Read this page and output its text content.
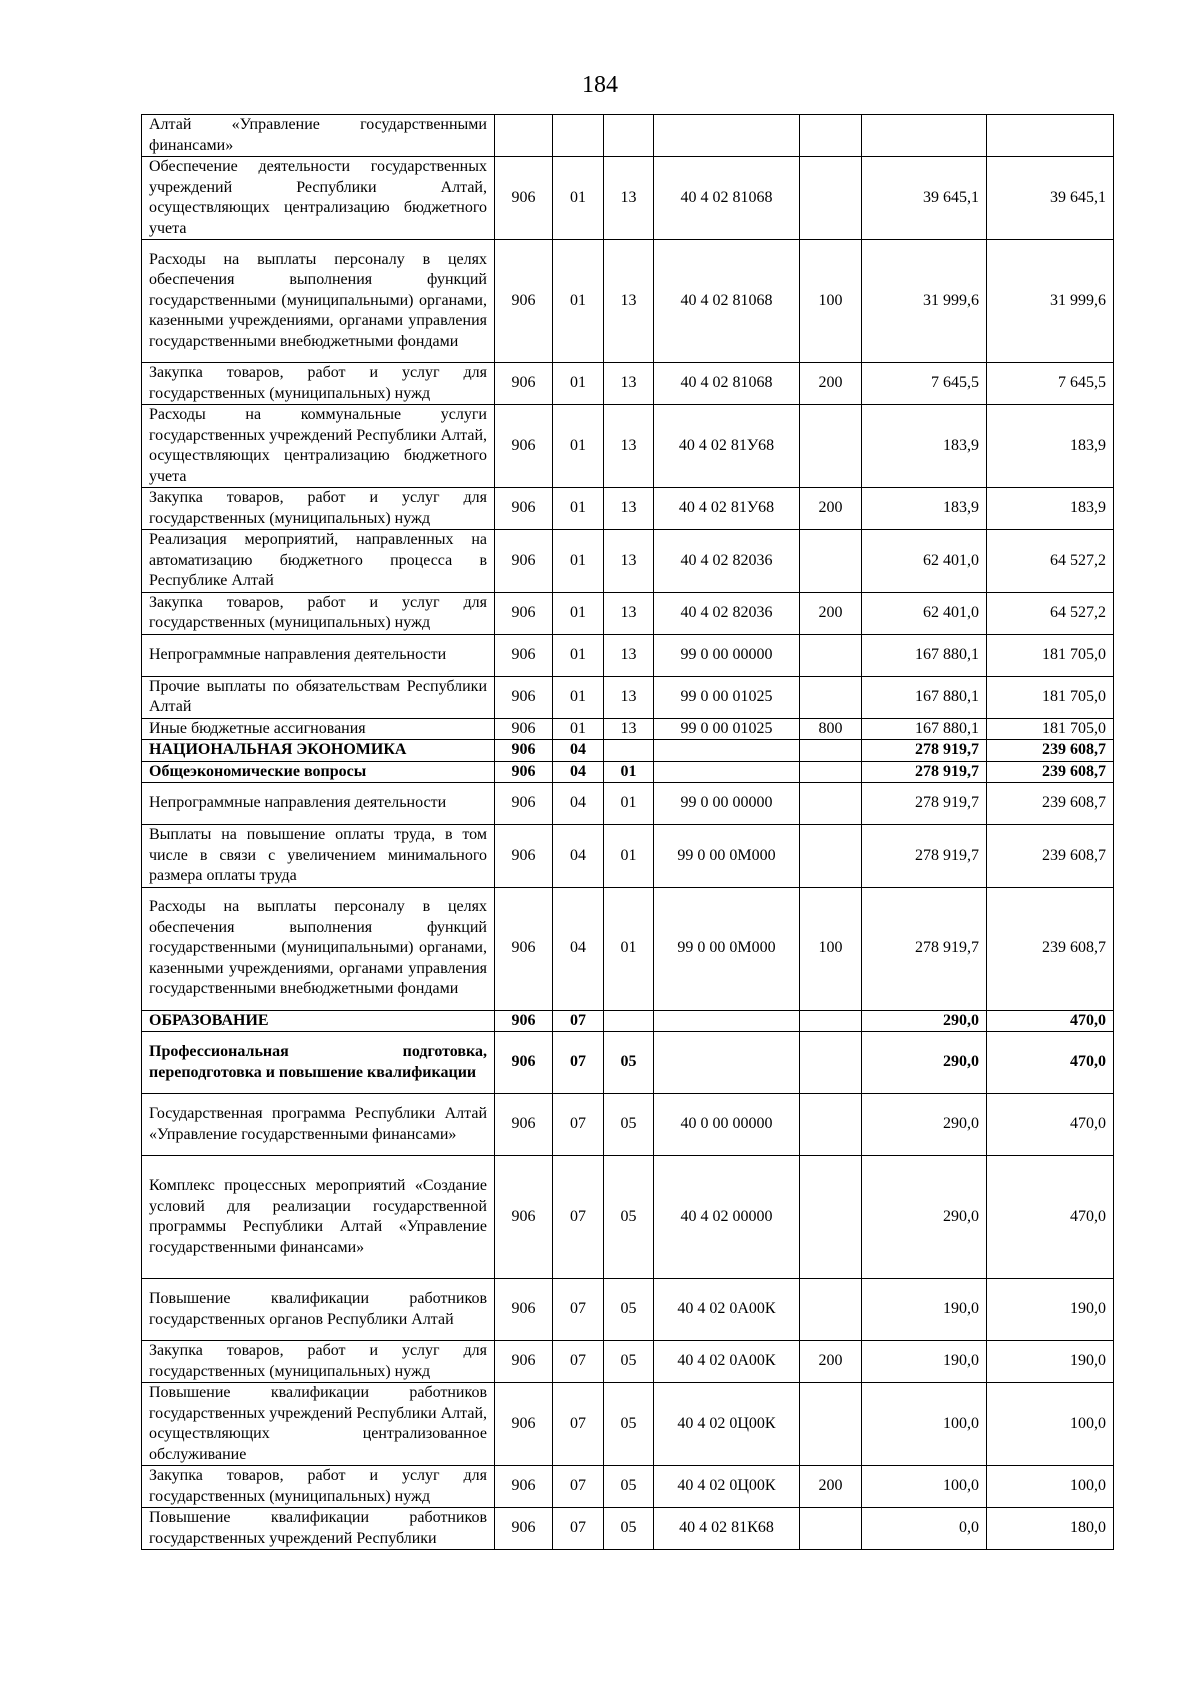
184
Алтай «Управление государственными финансами»							
Обеспечение деятельности государственных учреждений Республики Алтай, осуществляющих централизацию бюджетного учета	906	01	13	40 4 02 81068		39 645,1	39 645,1
Расходы на выплаты персоналу в целях обеспечения выполнения функций государственными (муниципальными) органами, казенными учреждениями, органами управления государственными внебюджетными фондами	906	01	13	40 4 02 81068	100	31 999,6	31 999,6
Закупка товаров, работ и услуг для государственных (муниципальных) нужд	906	01	13	40 4 02 81068	200	7 645,5	7 645,5
Расходы на коммунальные услуги государственных учреждений Республики Алтай, осуществляющих централизацию бюджетного учета	906	01	13	40 4 02 81У68		183,9	183,9
Закупка товаров, работ и услуг для государственных (муниципальных) нужд	906	01	13	40 4 02 81У68	200	183,9	183,9
Реализация мероприятий, направленных на автоматизацию бюджетного процесса в Республике Алтай	906	01	13	40 4 02 82036		62 401,0	64 527,2
Закупка товаров, работ и услуг для государственных (муниципальных) нужд	906	01	13	40 4 02 82036	200	62 401,0	64 527,2
Непрограммные направления деятельности	906	01	13	99 0 00 00000		167 880,1	181 705,0
Прочие выплаты по обязательствам Республики Алтай	906	01	13	99 0 00 01025		167 880,1	181 705,0
Иные бюджетные ассигнования	906	01	13	99 0 00 01025	800	167 880,1	181 705,0
НАЦИОНАЛЬНАЯ ЭКОНОМИКА	906	04				278 919,7	239 608,7
Общеэкономические вопросы	906	04	01			278 919,7	239 608,7
Непрограммные направления деятельности	906	04	01	99 0 00 00000		278 919,7	239 608,7
Выплаты на повышение оплаты труда, в том числе в связи с увеличением минимального размера оплаты труда	906	04	01	99 0 00 0М000		278 919,7	239 608,7
Расходы на выплаты персоналу в целях обеспечения выполнения функций государственными (муниципальными) органами, казенными учреждениями, органами управления государственными внебюджетными фондами	906	04	01	99 0 00 0М000	100	278 919,7	239 608,7
ОБРАЗОВАНИЕ	906	07				290,0	470,0
Профессиональная подготовка, переподготовка и повышение квалификации	906	07	05			290,0	470,0
Государственная программа Республики Алтай «Управление государственными финансами»	906	07	05	40 0 00 00000		290,0	470,0
Комплекс процессных мероприятий «Создание условий для реализации государственной программы Республики Алтай «Управление государственными финансами»	906	07	05	40 4 02 00000		290,0	470,0
Повышение квалификации работников государственных органов Республики Алтай	906	07	05	40 4 02 0А00К		190,0	190,0
Закупка товаров, работ и услуг для государственных (муниципальных) нужд	906	07	05	40 4 02 0А00К	200	190,0	190,0
Повышение квалификации работников государственных учреждений Республики Алтай, осуществляющих централизованное обслуживание	906	07	05	40 4 02 0Ц00К		100,0	100,0
Закупка товаров, работ и услуг для государственных (муниципальных) нужд	906	07	05	40 4 02 0Ц00К	200	100,0	100,0
Повышение квалификации работников государственных учреждений Республики	906	07	05	40 4 02 81К68		0,0	180,0
